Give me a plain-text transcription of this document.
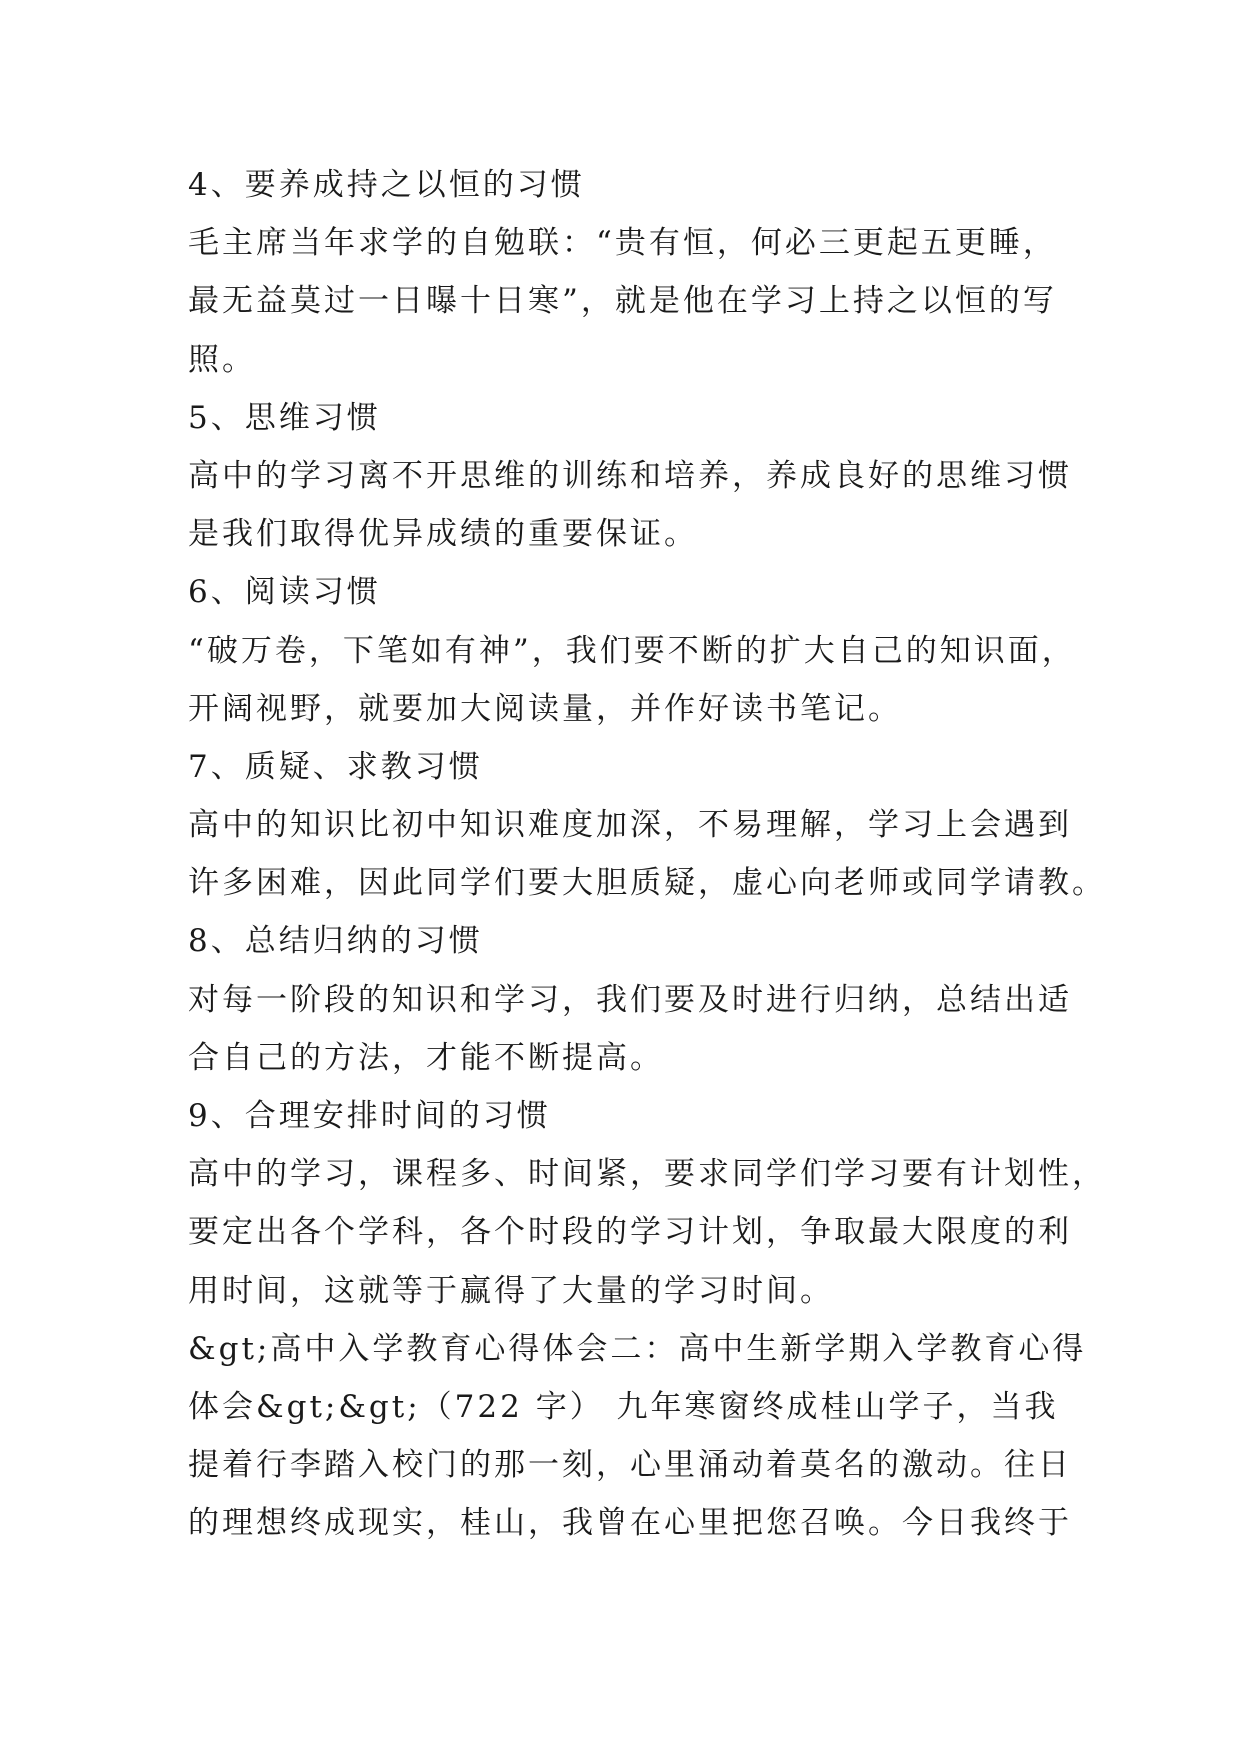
4、要养成持之以恒的习惯
毛主席当年求学的自勉联：“贵有恒，何必三更起五更睡，
最无益莫过一日曝十日寒”，就是他在学习上持之以恒的写
照。
5、思维习惯
高中的学习离不开思维的训练和培养，养成良好的思维习惯
是我们取得优异成绩的重要保证。
6、阅读习惯
“破万卷，下笔如有神”，我们要不断的扩大自己的知识面，
开阔视野，就要加大阅读量，并作好读书笔记。
7、质疑、求教习惯
高中的知识比初中知识难度加深，不易理解，学习上会遇到
许多困难，因此同学们要大胆质疑，虚心向老师或同学请教。
8、总结归纳的习惯
对每一阶段的知识和学习，我们要及时进行归纳，总结出适
合自己的方法，才能不断提高。
9、合理安排时间的习惯
高中的学习，课程多、时间紧，要求同学们学习要有计划性，
要定出各个学科，各个时段的学习计划，争取最大限度的利
用时间，这就等于赢得了大量的学习时间。
&gt;高中入学教育心得体会二：高中生新学期入学教育心得
体会&gt;&gt;（722 字） 九年寒窗终成桂山学子，当我
提着行李踏入校门的那一刻，心里涌动着莫名的激动。往日
的理想终成现实，桂山，我曾在心里把您召唤。今日我终于
